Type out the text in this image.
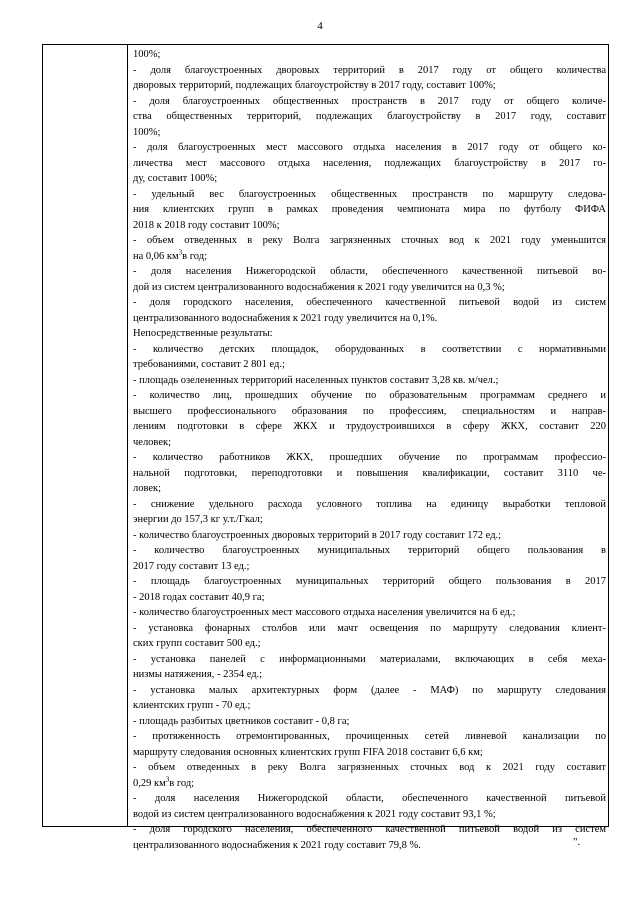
4
100%;
- доля благоустроенных дворовых территорий в 2017 году от общего количества
дворовых территорий, подлежащих благоустройству в 2017 году, составит 100%;
- доля благоустроенных общественных пространств в 2017 году от общего количе-
ства общественных территорий, подлежащих благоустройству в 2017 году, составит
100%;
- доля благоустроенных мест массового отдыха населения в 2017 году от общего ко-
личества мест массового отдыха населения, подлежащих благоустройству в 2017 го-
ду, составит 100%;
- удельный вес благоустроенных общественных пространств по маршруту следова-
ния клиентских групп в рамках проведения чемпионата мира по футболу ФИФА
2018 к 2018 году составит 100%;
- объем отведенных в реку Волга загрязненных сточных вод к 2021 году уменьшится
на 0,06 $км^3в$ год;
- доля населения Нижегородской области, обеспеченного качественной питьевой во-
дой из систем централизованного водоснабжения к 2021 году увеличится на 0,3 %;
- доля городского населения, обеспеченного качественной питьевой водой из систем
централизованного водоснабжения к 2021 году увеличится на 0,1%.
Непосредственные результаты:
- количество детских площадок, оборудованных в соответствии с нормативными
требованиями, составит 2 801 ед.;
- площадь озелененных территорий населенных пунктов составит 3,28 кв. м/чел.;
- количество лиц, прошедших обучение по образовательным программам среднего и
высшего профессионального образования по профессиям, специальностям и направ-
лениям подготовки в сфере ЖКХ и трудоустроившихся в сферу ЖКХ, составит 220
человек;
- количество работников ЖКХ, прошедших обучение по программам профессио-
нальной подготовки, переподготовки и повышения квалификации, составит 3110 че-
ловек;
- снижение удельного расхода условного топлива на единицу выработки тепловой
энергии до 157,3 кг у.т./Гкал;
- количество благоустроенных дворовых территорий в 2017 году составит 172 ед.;
- количество благоустроенных муниципальных территорий общего пользования в
2017 году составит 13 ед.;
- площадь благоустроенных муниципальных территорий общего пользования в 2017
- 2018 годах составит 40,9 га;
- количество благоустроенных мест массового отдыха населения увеличится на 6 ед.;
- установка фонарных столбов или мачт освещения по маршруту следования клиент-
ских групп составит 500 ед.;
- установка панелей с информационными материалами, включающих в себя меха-
низмы натяжения, - 2354 ед.;
- установка малых архитектурных форм (далее - МАФ) по маршруту следования
клиентских групп - 70 ед.;
- площадь разбитых цветников составит - 0,8 га;
- протяженность отремонтированных, прочищенных сетей ливневой канализации по
маршруту следования основных клиентских групп FIFA 2018 составит 6,6 км;
- объем отведенных в реку Волга загрязненных сточных вод к 2021 году составит
0,29 $км^3в$ год;
- доля населения Нижегородской области, обеспеченного качественной питьевой
водой из систем централизованного водоснабжения к 2021 году составит 93,1 %;
- доля городского населения, обеспеченного качественной питьевой водой из систем
централизованного водоснабжения к 2021 году составит 79,8 %.	".
